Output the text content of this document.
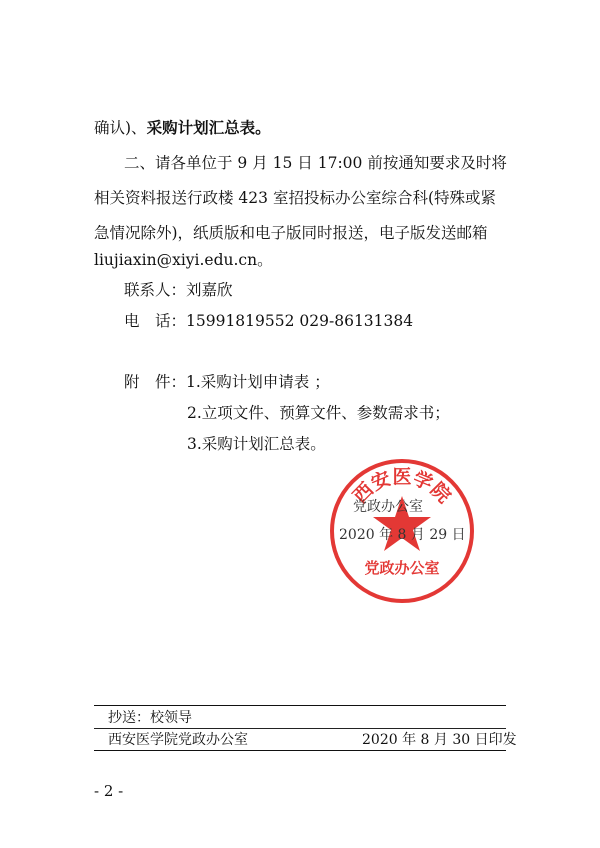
确认)、采购计划汇总表。
二、请各单位于 9 月 15 日 17:00 前按通知要求及时将
相关资料报送行政楼 423 室招投标办公室综合科(特殊或紧
急情况除外)，纸质版和电子版同时报送，电子版发送邮箱
liujiaxin@xiyi.edu.cn。
联系人：刘嘉欣
电　话：15991819552 029-86131384
附　件：1.采购计划申请表 ；
2.立项文件、预算文件、参数需求书；
3.采购计划汇总表。
西安医学院
党政办公室
党政办公室
2020 年 8 月 29 日
抄送：校领导
西安医学院党政办公室	2020 年 8 月 30 日印发
- 2 -
